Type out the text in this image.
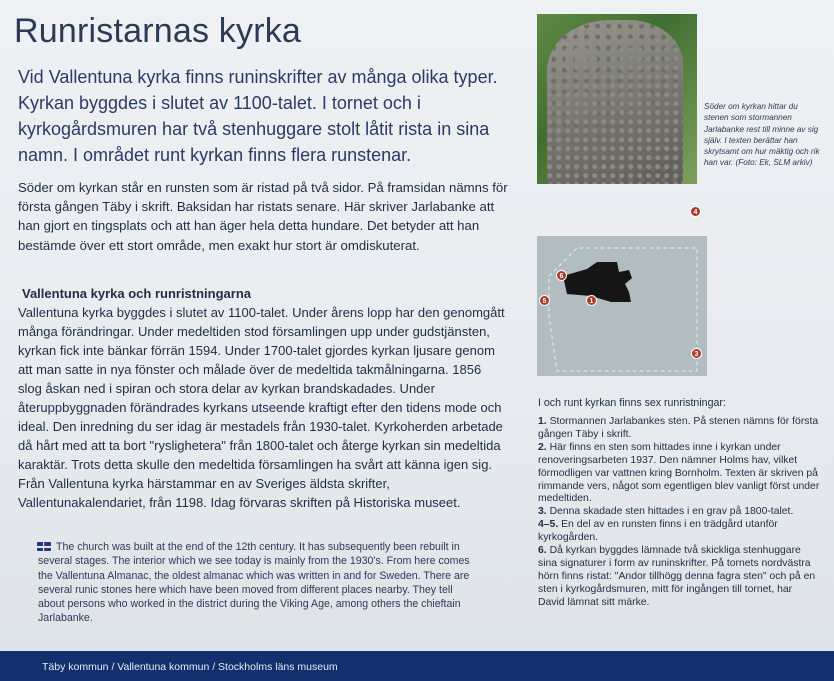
Runristarnas kyrka
Vid Vallentuna kyrka finns runinskrifter av många olika typer. Kyrkan byggdes i slutet av 1100-talet. I tornet och i kyrkogårdsmuren har två stenhuggare stolt låtit rista in sina namn. I området runt kyrkan finns flera runstenar.
Söder om kyrkan står en runsten som är ristad på två sidor. På framsidan nämns för första gången Täby i skrift. Baksidan har ristats senare. Här skriver Jarlabanke att han gjort en tingsplats och att han äger hela detta hundare. Det betyder att han bestämde över ett stort område, men exakt hur stort är omdiskuterat.
Vallentuna kyrka och runristningarna
Vallentuna kyrka byggdes i slutet av 1100-talet. Under årens lopp har den genomgått många förändringar. Under medeltiden stod församlingen upp under gudstjänsten, kyrkan fick inte bänkar förrän 1594. Under 1700-talet gjordes kyrkan ljusare genom att man satte in nya fönster och målade över de medeltida takmålningarna. 1856 slog åskan ned i spiran och stora delar av kyrkan brandskadades. Under återuppbyggnaden förändrades kyrkans utseende kraftigt efter den tidens mode och ideal. Den inredning du ser idag är mestadels från 1930-talet. Kyrkoherden arbetade då hårt med att ta bort "ryslighetera" från 1800-talet och återge kyrkan sin medeltida karaktär. Trots detta skulle den medeltida församlingen ha svårt att känna igen sig. Från Vallentuna kyrka härstammar en av Sveriges äldsta skrifter, Vallentunakalendariet, från 1198. Idag förvaras skriften på Historiska museet.
The church was built at the end of the 12th century. It has subsequently been rebuilt in several stages. The interior which we see today is mainly from the 1930's. From here comes the Vallentuna Almanac, the oldest almanac which was written in and for Sweden. There are several runic stones here which have been moved from different places nearby. They tell about persons who worked in the district during the Viking Age, among others the chieftain Jarlabanke.
Söder om kyrkan hittar du stenen som stormannen Jarlabanke rest till minne av sig själv. I texten berättar han skrytsamt om hur mäktig och rik han var. (Foto: Ek, SLM arkiv)
4
6
1
5
3
I och runt kyrkan finns sex runristningar:
1. Stormannen Jarlabankes sten. På stenen nämns för första gången Täby i skrift.
2. Här finns en sten som hittades inne i kyrkan under renoveringsarbeten 1937. Den nämner Holms hav, vilket förmodligen var vattnen kring Bornholm. Texten är skriven på rimmande vers, något som egentligen blev vanligt först under medeltiden.
3. Denna skadade sten hittades i en grav på 1800-talet.
4–5. En del av en runsten finns i en trädgård utanför kyrkogården.
6. Då kyrkan byggdes lämnade två skickliga stenhuggare sina signaturer i form av runinskrifter. På tornets nordvästra hörn finns ristat: "Andor tillhögg denna fagra sten" och på en sten i kyrkogårdsmuren, mitt för ingången till tornet, har David lämnat sitt märke.
Täby kommun / Vallentuna kommun / Stockholms läns museum
